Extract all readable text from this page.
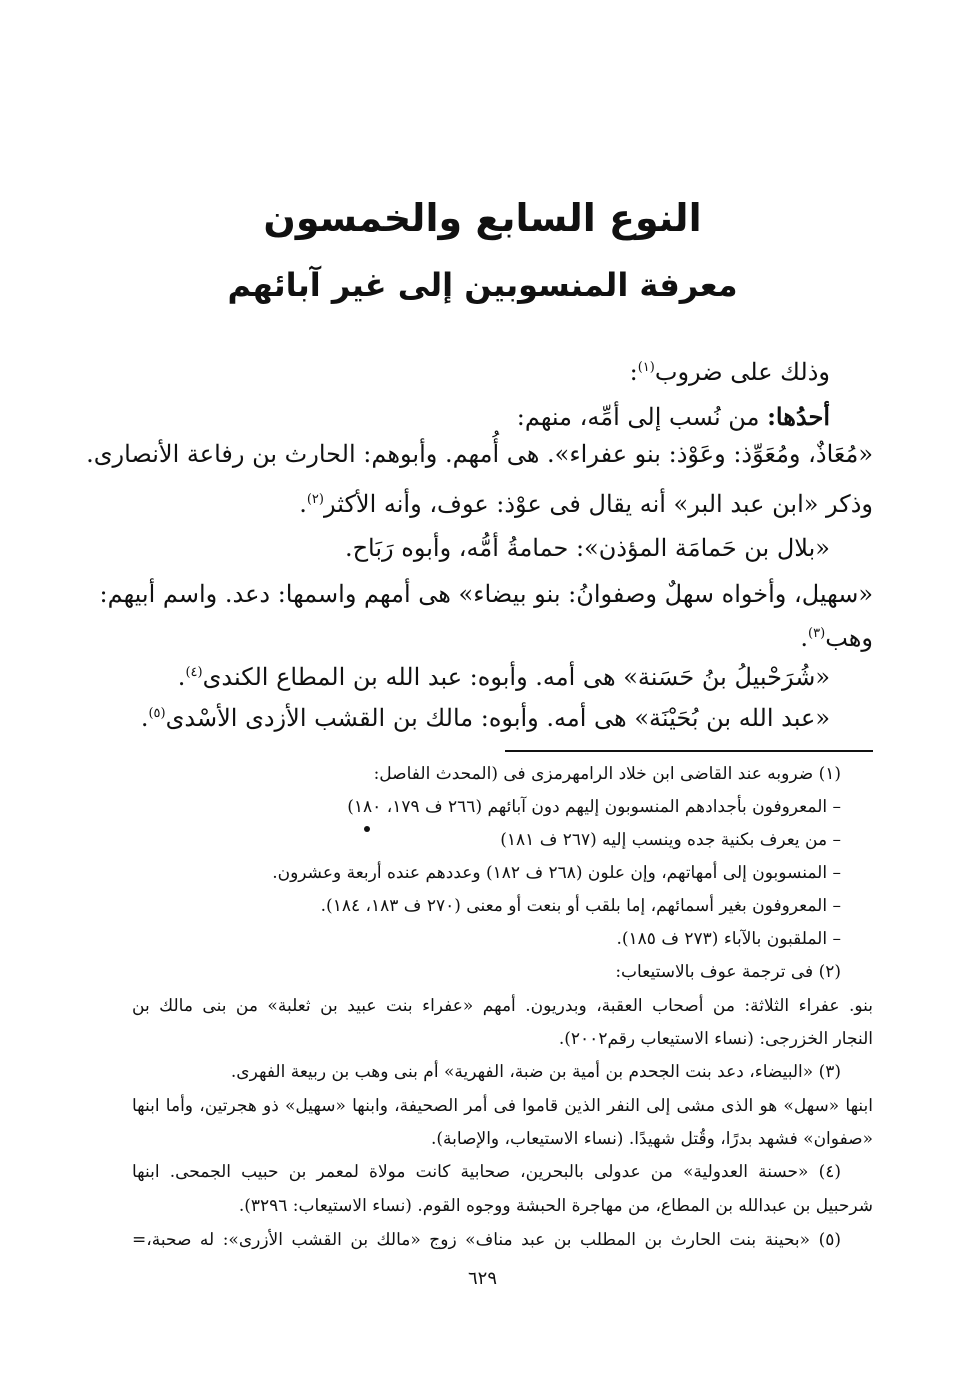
النوع السابع والخمسون
معرفة المنسوبين إلى غير آبائهم
وذلك على ضروب$^{(١)}$:
أحدُها: من نُسب إلى أمِّه، منهم:
«مُعَاذٌ، ومُعَوِّذ: وعَوْذ: بنو عفراء». هى أُمهم. وأبوهم: الحارث بن رفاعة الأنصارى.
وذكر «ابن عبد البر» أنه يقال فى عوْذ: عوف، وأنه الأكثر$^{(٢)}$.
«بلال بن حَمامَة المؤذن»: حمامةُ أمُّه، وأبوه رَبَاح.
«سهيل، وأخواه سهلٌ وصفوانُ: بنو بيضاء» هى أمهم واسمها: دعد. واسم أبيهم:
وهب$^{(٣)}$.
«شُرَحْبيلُ بنُ حَسَنة» هى أمه. وأبوه: عبد الله بن المطاع الكندى$^{(٤)}$.
«عبد الله بن بُحَيْنَة» هى أمه. وأبوه: مالك بن القشب الأزدى الأسْدى$^{(٥)}$.
(١) ضروبه عند القاضى ابن خلاد الرامهرمزى فى (المحدث الفاصل:
– المعروفون بأجدادهم المنسوبون إليهم دون آبائهم (٢٦٦ ف ١٧٩، ١٨٠)
– من يعرف بكنية جده وينسب إليه (٢٦٧ ف ١٨١)
– المنسوبون إلى أمهاتهم، وإن علون (٢٦٨ ف ١٨٢) وعددهم عنده أربعة وعشرون.
– المعروفون بغير أسمائهم، إما بلقب أو بنعت أو معنى (٢٧٠ ف ١٨٣، ١٨٤).
– الملقبون بالآباء (٢٧٣ ف ١٨٥).
(٢) فى ترجمة عوف بالاستيعاب:
بنو. عفراء الثلاثة: من أصحاب العقبة، وبدريون. أمهم «عفراء بنت عبيد بن ثعلبة» من بنى مالك بن
النجار الخزرجى: (نساء الاستيعاب رقم٢٠٠٢).
(٣) «البيضاء، دعد بنت الجحدم بن أمية بن ضبة، الفهرية» أم بنى وهب بن ربيعة الفهرى.
ابنها «سهل» هو الذى مشى إلى النفر الذين قاموا فى أمر الصحيفة، وابنها «سهيل» ذو هجرتين، وأما ابنها
«صفوان» فشهد بدرًا، وقُتل شهيدًا. (نساء الاستيعاب، والإصابة).
(٤) «حسنة العدولية» من عدولى بالبحرين، صحابية كانت مولاة لمعمر بن حبيب الجمحى. ابنها
شرحبيل بن عبدالله بن المطاع، من مهاجرة الحبشة ووجوه القوم. (نساء الاستيعاب: ٣٢٩٦).
(٥) «بحينة بنت الحارث بن المطلب بن عبد مناف» زوج «مالك بن القشب الأزرى»: له صحبة،=
٦٢٩
